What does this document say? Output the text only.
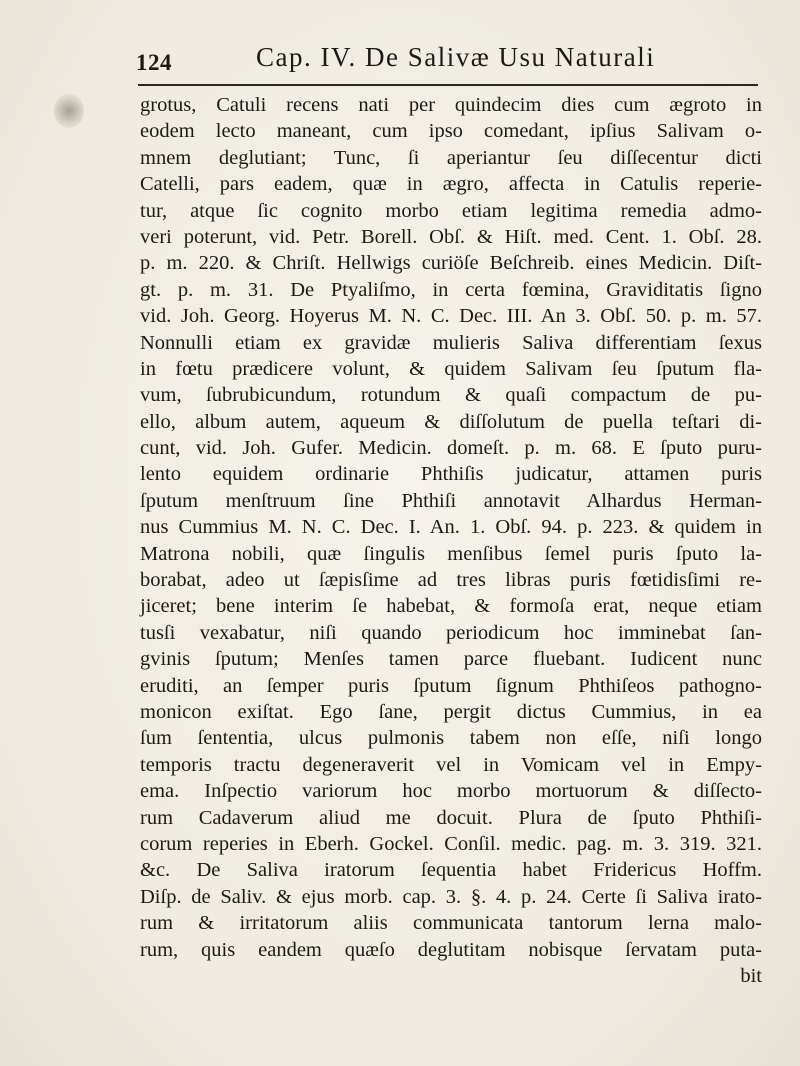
124	Cap. IV. De Salivæ Usu Naturali
grotus, Catuli recens nati per quindecim dies cum ægroto in
eodem lecto maneant, cum ipso comedant, ipſius Salivam o-
mnem deglutiant; Tunc, ſi aperiantur ſeu diſſecentur dicti
Catelli, pars eadem, quæ in ægro, affecta in Catulis reperie-
tur, atque ſic cognito morbo etiam legitima remedia admo-
veri poterunt, vid. Petr. Borell. Obſ. & Hiſt. med. Cent. 1. Obſ. 28.
p. m. 220. & Chriſt. Hellwigs curiöſe Beſchreib. eines Medicin. Diſt-
gt. p. m. 31. De Ptyaliſmo, in certa fœmina, Graviditatis ſigno
vid. Joh. Georg. Hoyerus M. N. C. Dec. III. An 3. Obſ. 50. p. m. 57.
Nonnulli etiam ex gravidæ mulieris Saliva differentiam ſexus
in fœtu prædicere volunt, & quidem Salivam ſeu ſputum fla-
vum, ſubrubicundum, rotundum & quaſi compactum de pu-
ello, album autem, aqueum & diſſolutum de puella teſtari di-
cunt, vid. Joh. Gufer. Medicin. domeſt. p. m. 68. E ſputo puru-
lento equidem ordinarie Phthiſis judicatur, attamen puris
ſputum menſtruum ſine Phthiſi annotavit Alhardus Herman-
nus Cummius M. N. C. Dec. I. An. 1. Obſ. 94. p. 223. & quidem in
Matrona nobili, quæ ſingulis menſibus ſemel puris ſputo la-
borabat, adeo ut ſæpisſime ad tres libras puris fœtidisſimi re-
jiceret; bene interim ſe habebat, & formoſa erat, neque etiam
tusſi vexabatur, niſi quando periodicum hoc imminebat ſan-
gvinis ſputum; Menſes tamen parce fluebant. Iudicent nunc
eruditi, an ſemper puris ſputum ſignum Phthiſeos pathogno-
monicon exiſtat. Ego ſane, pergit dictus Cummius, in ea
ſum ſententia, ulcus pulmonis tabem non eſſe, niſi longo
temporis tractu degeneraverit vel in Vomicam vel in Empy-
ema. Inſpectio variorum hoc morbo mortuorum & diſſecto-
rum Cadaverum aliud me docuit. Plura de ſputo Phthiſi-
corum reperies in Eberh. Gockel. Conſil. medic. pag. m. 3. 319. 321.
&c. De Saliva iratorum ſequentia habet Fridericus Hoffm.
Diſp. de Saliv. & ejus morb. cap. 3. §. 4. p. 24. Certe ſi Saliva irato-
rum & irritatorum aliis communicata tantorum lerna malo-
rum, quis eandem quæſo deglutitam nobisque ſervatam puta-
bit
